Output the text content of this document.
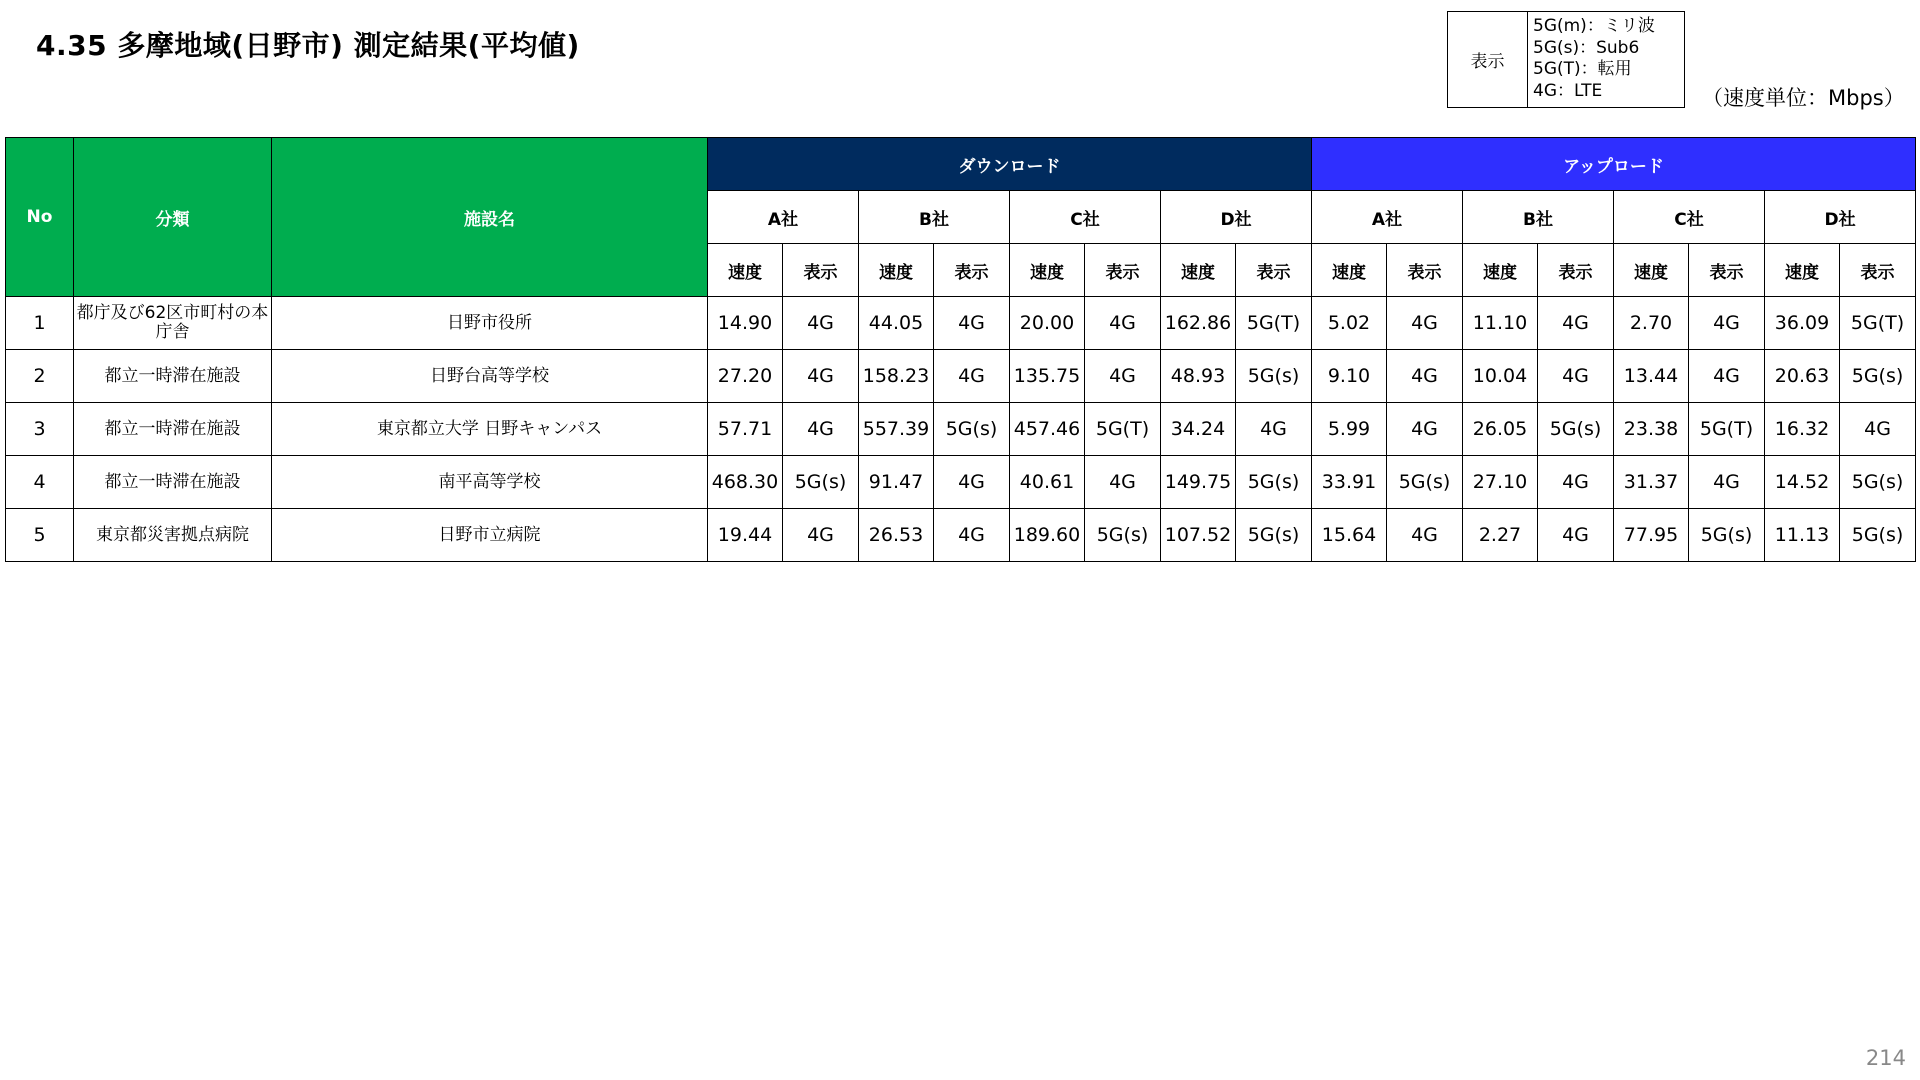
4.35 多摩地域(日野市) 測定結果(平均値)	表示
5G(m)：ミリ波
5G(s)：Sub6
5G(T)：転用
4G：LTE	（速度単位：Mbps）
No	分類	施設名	ダウンロード								アップロード							
			A社		B社		C社		D社		A社		B社		C社		D社	
			速度	表示	速度	表示	速度	表示	速度	表示	速度	表示	速度	表示	速度	表示	速度	表示
1	都庁及び62区市町村の本庁舎	日野市役所	14.90	4G	44.05	4G	20.00	4G	162.86	5G(T)	5.02	4G	11.10	4G	2.70	4G	36.09	5G(T)
2	都立一時滞在施設	日野台高等学校	27.20	4G	158.23	4G	135.75	4G	48.93	5G(s)	9.10	4G	10.04	4G	13.44	4G	20.63	5G(s)
3	都立一時滞在施設	東京都立大学 日野キャンパス	57.71	4G	557.39	5G(s)	457.46	5G(T)	34.24	4G	5.99	4G	26.05	5G(s)	23.38	5G(T)	16.32	4G
4	都立一時滞在施設	南平高等学校	468.30	5G(s)	91.47	4G	40.61	4G	149.75	5G(s)	33.91	5G(s)	27.10	4G	31.37	4G	14.52	5G(s)
5	東京都災害拠点病院	日野市立病院	19.44	4G	26.53	4G	189.60	5G(s)	107.52	5G(s)	15.64	4G	2.27	4G	77.95	5G(s)	11.13	5G(s)
214
